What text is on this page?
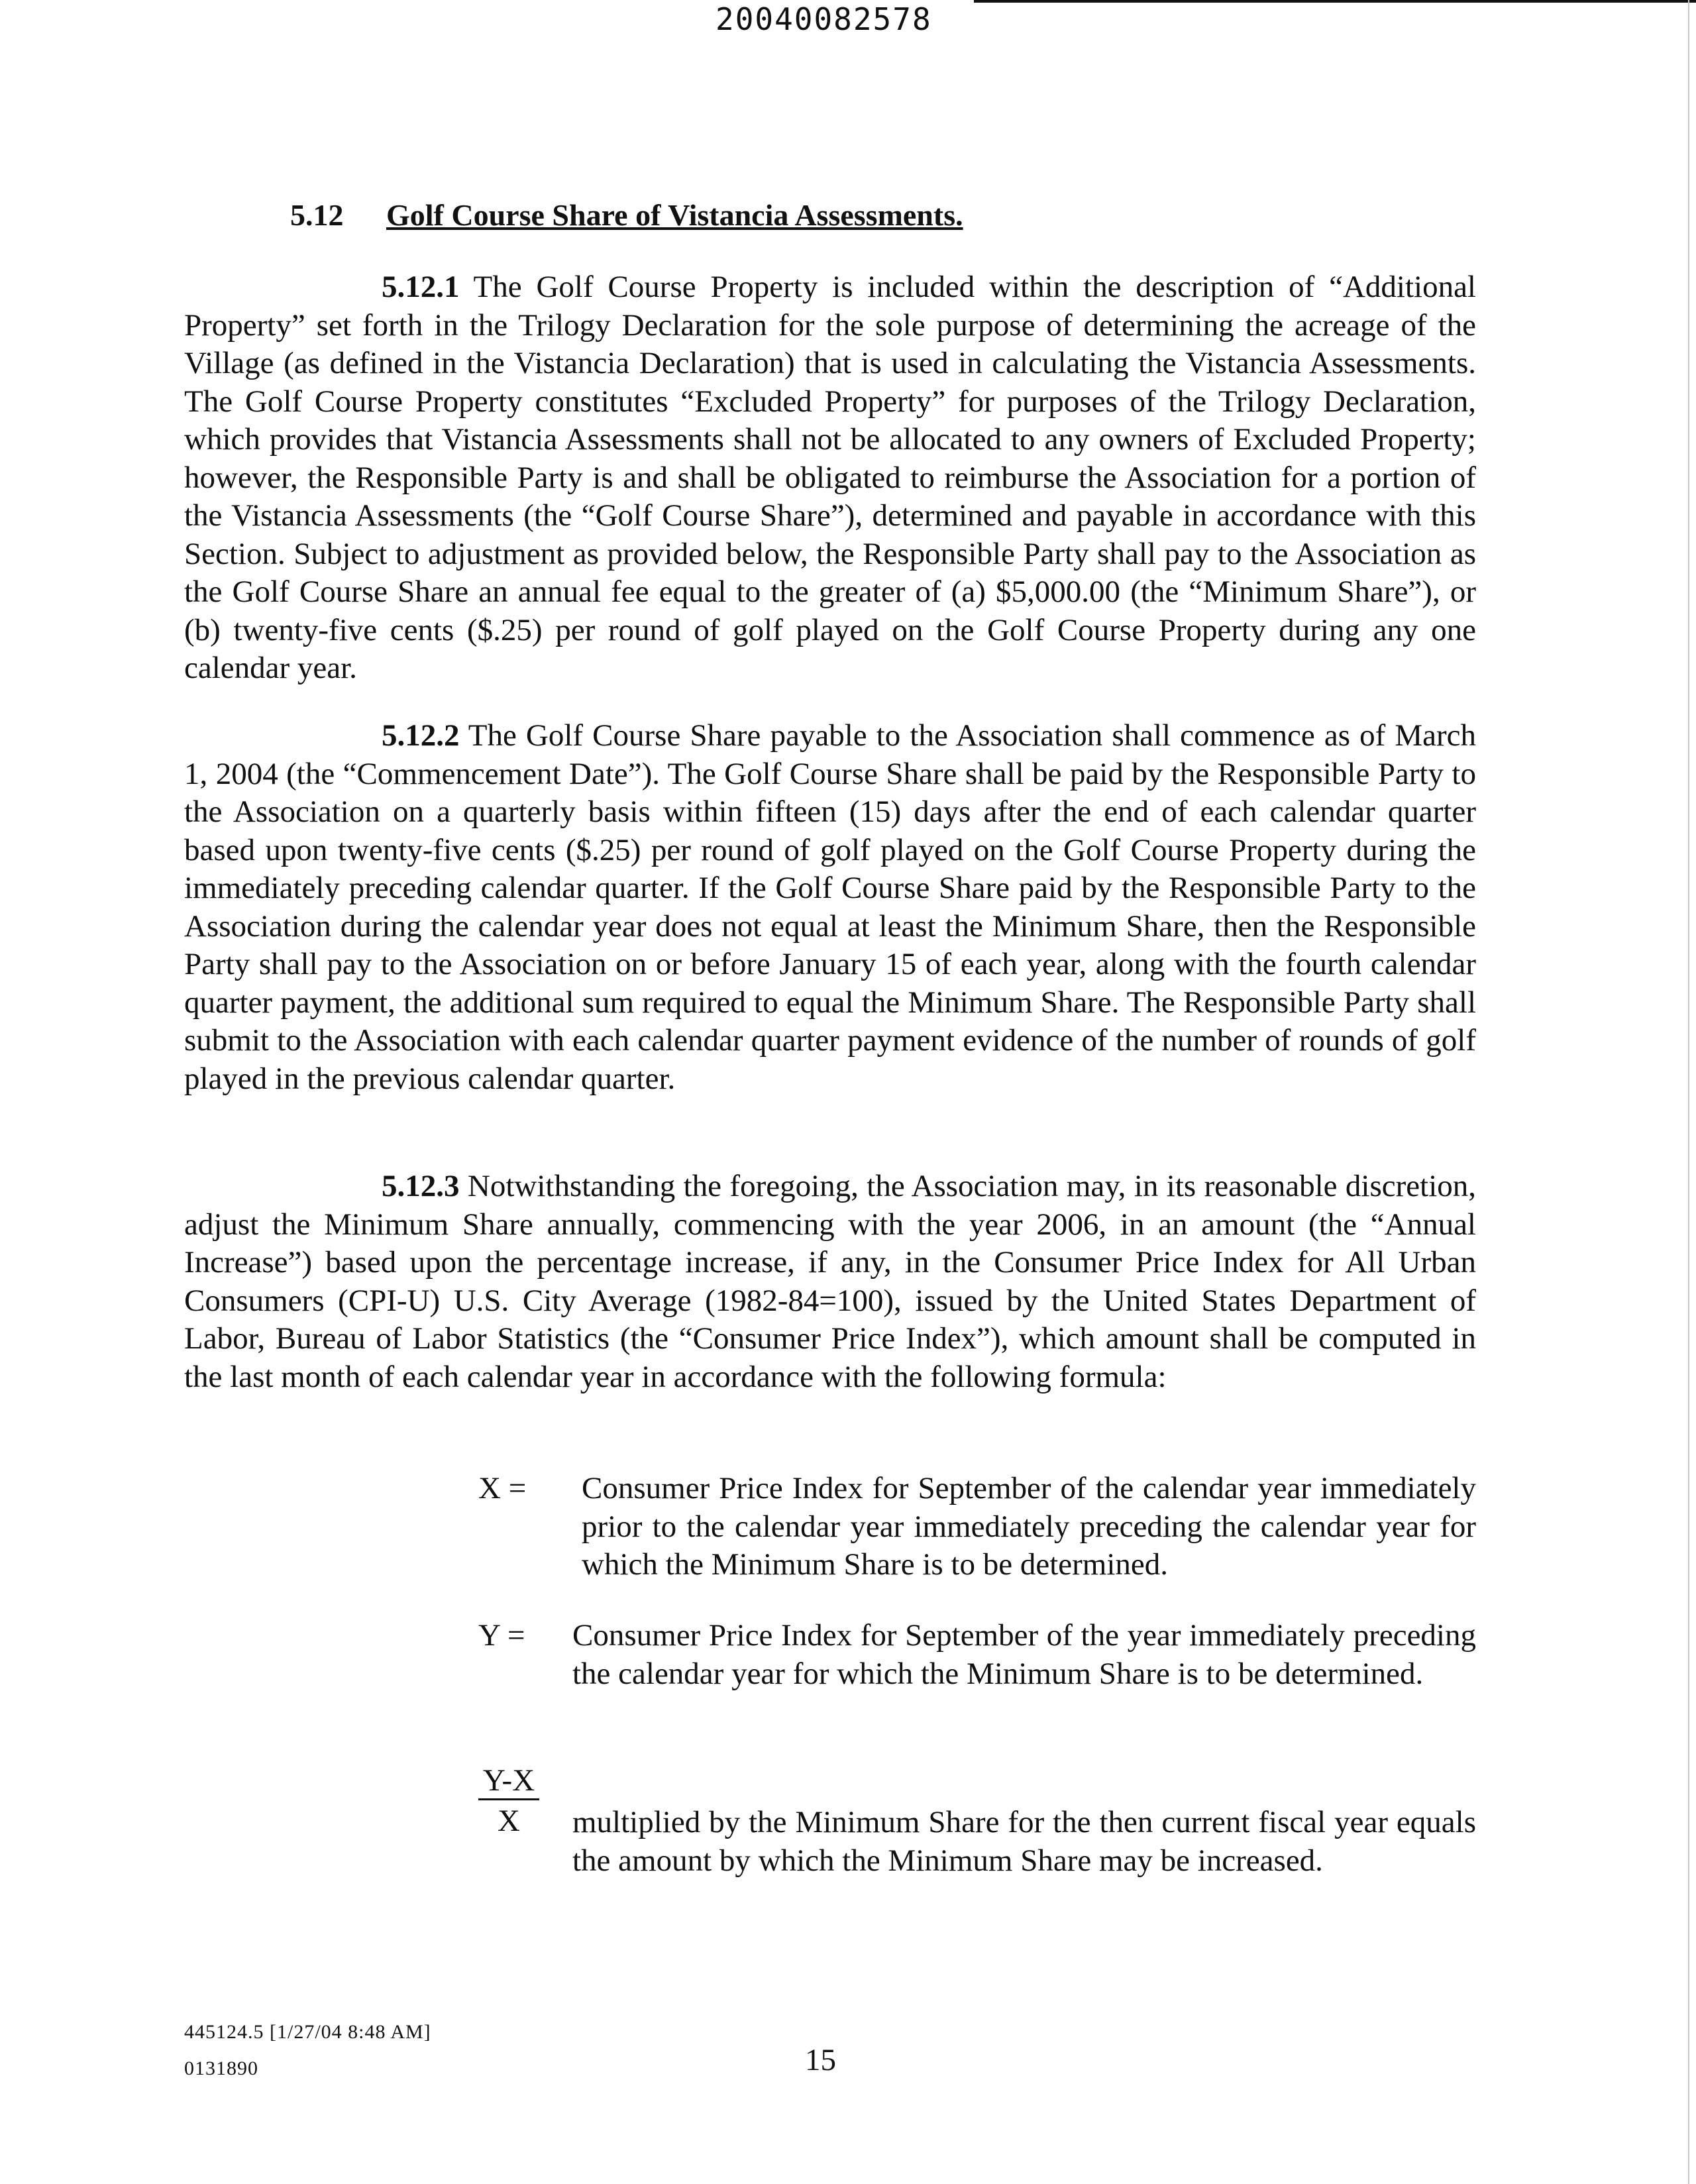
20040082578
5.12 Golf Course Share of Vistancia Assessments.
5.12.1 The Golf Course Property is included within the description of “Additional Property” set forth in the Trilogy Declaration for the sole purpose of determining the acreage of the Village (as defined in the Vistancia Declaration) that is used in calculating the Vistancia Assessments. The Golf Course Property constitutes “Excluded Property” for purposes of the Trilogy Declaration, which provides that Vistancia Assessments shall not be allocated to any owners of Excluded Property; however, the Responsible Party is and shall be obligated to reimburse the Association for a portion of the Vistancia Assessments (the “Golf Course Share”), determined and payable in accordance with this Section. Subject to adjustment as provided below, the Responsible Party shall pay to the Association as the Golf Course Share an annual fee equal to the greater of (a) $5,000.00 (the “Minimum Share”), or (b) twenty-five cents ($.25) per round of golf played on the Golf Course Property during any one calendar year.
5.12.2 The Golf Course Share payable to the Association shall commence as of March 1, 2004 (the “Commencement Date”). The Golf Course Share shall be paid by the Responsible Party to the Association on a quarterly basis within fifteen (15) days after the end of each calendar quarter based upon twenty-five cents ($.25) per round of golf played on the Golf Course Property during the immediately preceding calendar quarter. If the Golf Course Share paid by the Responsible Party to the Association during the calendar year does not equal at least the Minimum Share, then the Responsible Party shall pay to the Association on or before January 15 of each year, along with the fourth calendar quarter payment, the additional sum required to equal the Minimum Share. The Responsible Party shall submit to the Association with each calendar quarter payment evidence of the number of rounds of golf played in the previous calendar quarter.
5.12.3 Notwithstanding the foregoing, the Association may, in its reasonable discretion, adjust the Minimum Share annually, commencing with the year 2006, in an amount (the “Annual Increase”) based upon the percentage increase, if any, in the Consumer Price Index for All Urban Consumers (CPI-U) U.S. City Average (1982-84=100), issued by the United States Department of Labor, Bureau of Labor Statistics (the “Consumer Price Index”), which amount shall be computed in the last month of each calendar year in accordance with the following formula:
X = Consumer Price Index for September of the calendar year immediately prior to the calendar year immediately preceding the calendar year for which the Minimum Share is to be determined.
Y = Consumer Price Index for September of the year immediately preceding the calendar year for which the Minimum Share is to be determined.
$\frac{Y-X}{X}$ multiplied by the Minimum Share for the then current fiscal year equals the amount by which the Minimum Share may be increased.
445124.5 [1/27/04 8:48 AM]
0131890	15
